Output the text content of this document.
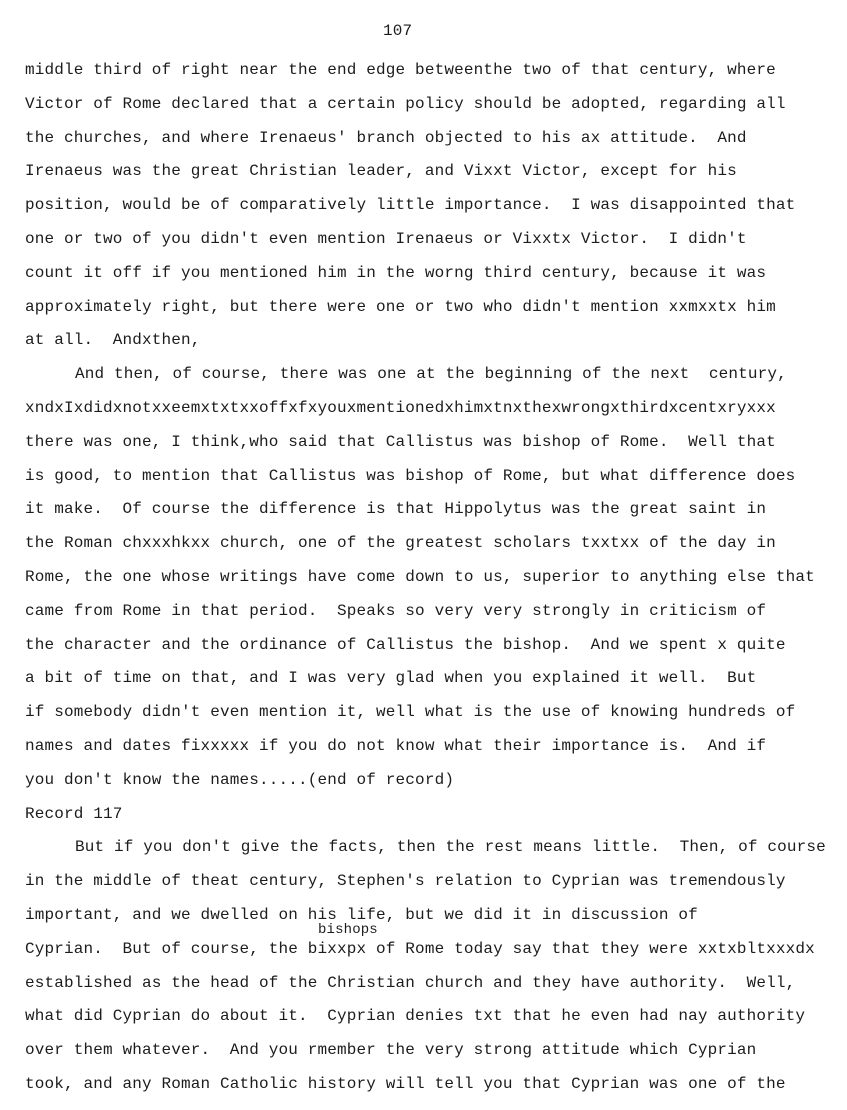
107
bishops
middle third of right near the end edge betweenthe two of that century, where
Victor of Rome declared that a certain policy should be adopted, regarding all
the churches, and where Irenaeus' branch objected to his ax attitude.  And
Irenaeus was the great Christian leader, and Vixxt Victor, except for his
position, would be of comparatively little importance.  I was disappointed that
one or two of you didn't even mention Irenaeus or Vixxtx Victor.  I didn't
count it off if you mentioned him in the worng third century, because it was
approximately right, but there were one or two who didn't mention xxmxxtx him
at all.  Andxthen,
And then, of course, there was one at the beginning of the next  century,
xndxIxdidxnotxxeemxtxtxxoffxfxyouxmentionedxhimxtnxthexwrongxthirdxcentxryxxx
there was one, I think,who said that Callistus was bishop of Rome.  Well that
is good, to mention that Callistus was bishop of Rome, but what difference does
it make.  Of course the difference is that Hippolytus was the great saint in
the Roman chxxxhkxx church, one of the greatest scholars txxtxx of the day in
Rome, the one whose writings have come down to us, superior to anything else that
came from Rome in that period.  Speaks so very very strongly in criticism of
the character and the ordinance of Callistus the bishop.  And we spent x quite
a bit of time on that, and I was very glad when you explained it well.  But
if somebody didn't even mention it, well what is the use of knowing hundreds of
names and dates fixxxxx if you do not know what their importance is.  And if
you don't know the names.....(end of record)
Record 117
But if you don't give the facts, then the rest means little.  Then, of course
in the middle of theat century, Stephen's relation to Cyprian was tremendously
important, and we dwelled on his life, but we did it in discussion of
Cyprian.  But of course, the bixxpx of Rome today say that they were xxtxbltxxxdx
established as the head of the Christian church and they have authority.  Well,
what did Cyprian do about it.  Cyprian denies txt that he even had nay authority
over them whatever.  And you rmember the very strong attitude which Cyprian
took, and any Roman Catholic history will tell you that Cyprian was one of the
